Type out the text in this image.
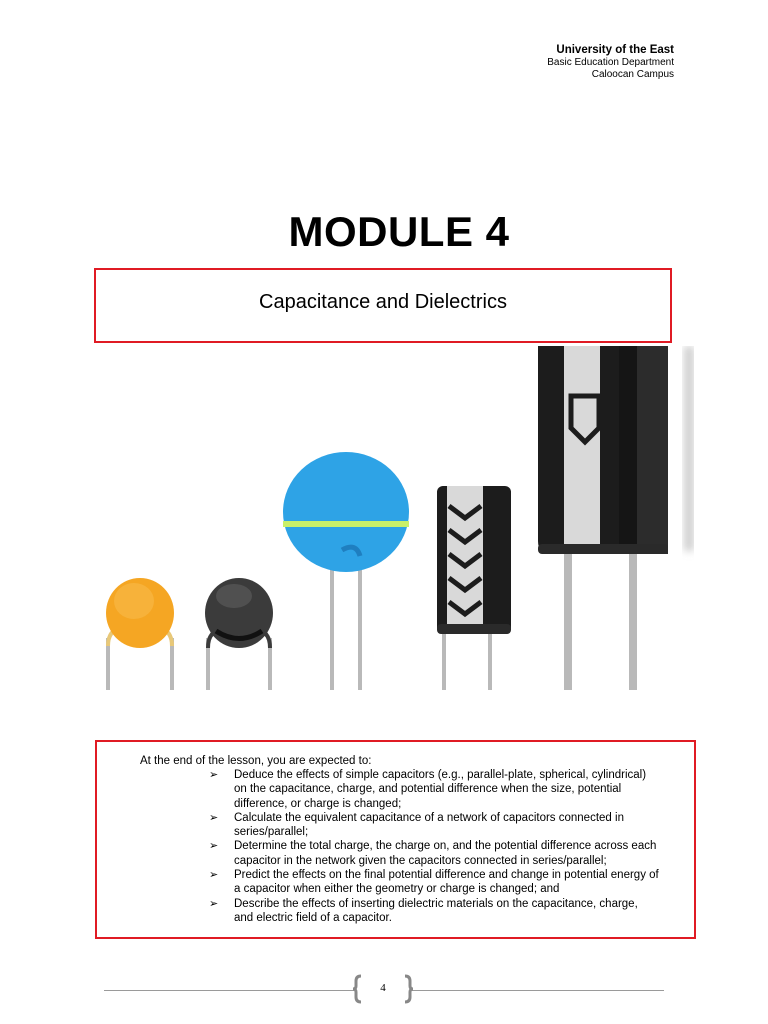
University of the East
Basic Education Department
Caloocan Campus
MODULE 4
Capacitance and Dielectrics
At the end of the lesson, you are expected to:
➢ Deduce the effects of simple capacitors (e.g., parallel-plate, spherical, cylindrical) on the capacitance, charge, and potential difference when the size, potential difference, or charge is changed;
➢ Calculate the equivalent capacitance of a network of capacitors connected in series/parallel;
➢ Determine the total charge, the charge on, and the potential difference across each capacitor in the network given the capacitors connected in series/parallel;
➢ Predict the effects on the final potential difference and change in potential energy of a capacitor when either the geometry or charge is changed; and
➢ Describe the effects of inserting dielectric materials on the capacitance, charge, and electric field of a capacitor.
4
